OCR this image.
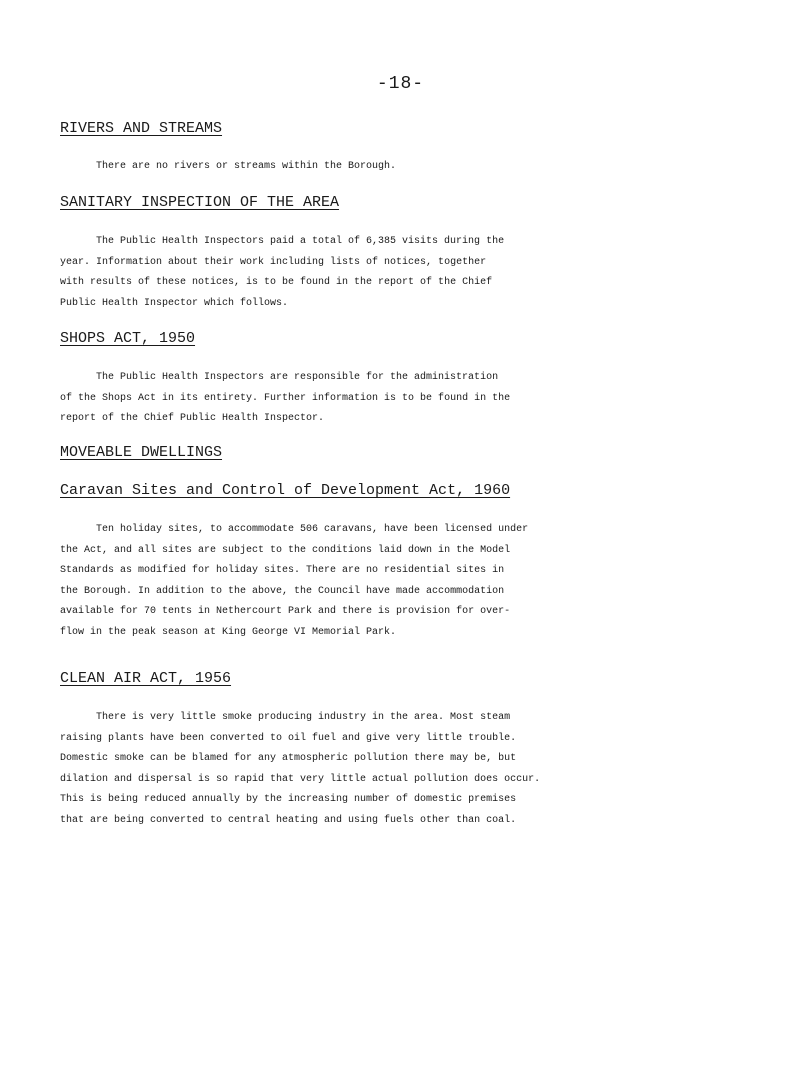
-18-
RIVERS AND STREAMS

There are no rivers or streams within the Borough.

SANITARY INSPECTION OF THE AREA

The Public Health Inspectors paid a total of 6,385 visits during the
year. Information about their work including lists of notices, together
with results of these notices, is to be found in the report of the Chief
Public Health Inspector which follows.

SHOPS ACT, 1950

The Public Health Inspectors are responsible for the administration
of the Shops Act in its entirety. Further information is to be found in the
report of the Chief Public Health Inspector.

MOVEABLE DWELLINGS
Caravan Sites and Control of Development Act, 1960

Ten holiday sites, to accommodate 506 caravans, have been licensed under
the Act, and all sites are subject to the conditions laid down in the Model
Standards as modified for holiday sites. There are no residential sites in
the Borough. In addition to the above, the Council have made accommodation
available for 70 tents in Nethercourt Park and there is provision for over-
flow in the peak season at King George VI Memorial Park.

CLEAN AIR ACT, 1956

There is very little smoke producing industry in the area. Most steam
raising plants have been converted to oil fuel and give very little trouble.
Domestic smoke can be blamed for any atmospheric pollution there may be, but
dilation and dispersal is so rapid that very little actual pollution does occur.
This is being reduced annually by the increasing number of domestic premises
that are being converted to central heating and using fuels other than coal.
